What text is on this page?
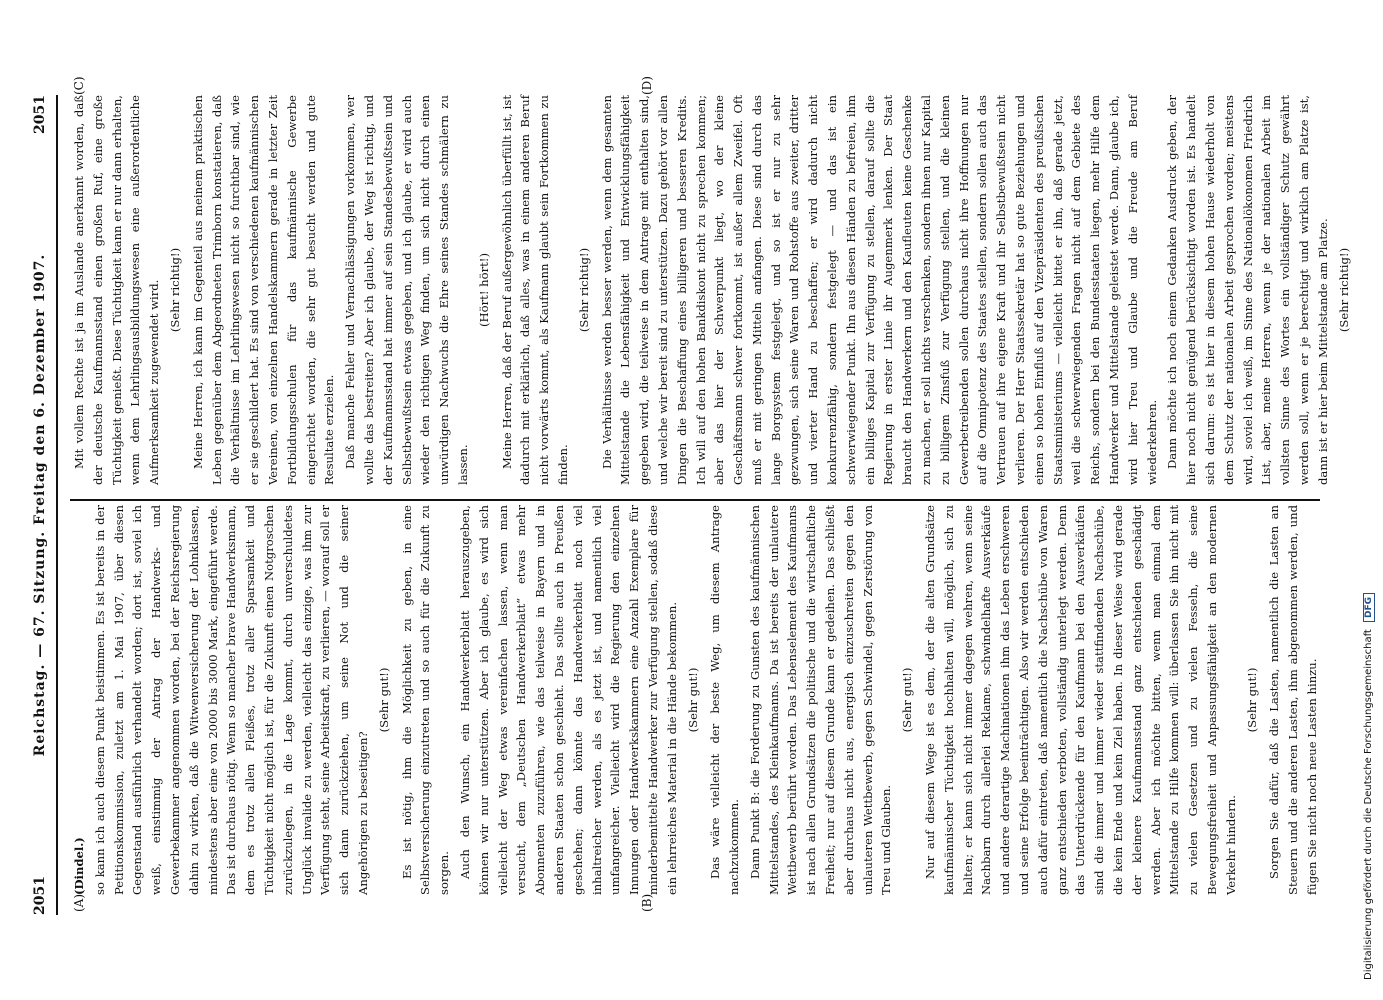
2051
Reichstag. — 67. Sitzung. Freitag den 6. Dezember 1907.
2051
(A)	(B)
(C)	(D)

(Dindel.) so kann ich auch diesem Punkt beistimmen. Es ist bereits in der Petitionskommission, zuletzt am 1. Mai 1907, über diesen Gegenstand ausführlich verhandelt worden; dort ist, soviel ich weiß, einstimmig der Antrag der Handwerks- und Gewerbekammer angenommen worden, bei der Reichsregierung dahin zu wirken, daß die Witwenversicherung der Lohnklassen, mindestens aber eine von 2000 bis 3000 Mark, eingeführt werde. Das ist durchaus nötig. Wenn so mancher brave Handwerksmann, dem es trotz allen Fleißes, trotz aller Sparsamkeit und Tüchtigkeit nicht möglich ist, für die Zukunft einen Notgroschen zurückzulegen, in die Lage kommt, durch unverschuldetes Unglück invalide zu werden, vielleicht das einzige, was ihm zur Verfügung steht, seine Arbeitskraft, zu verlieren, — worauf soll er sich dann zurückziehen, um seine Not und die seiner Angehörigen zu beseitigen?

(Sehr gut!) Es ist nötig, ihm die Möglichkeit zu geben, in eine Selbstversicherung einzutreten und so auch für die Zukunft zu sorgen. Auch den Wunsch, ein Handwerkerblatt herauszugeben, können wir nur unterstützen. Aber ich glaube, es wird sich vielleicht der Weg etwas vereinfachen lassen, wenn man versucht, dem „Deutschen Handwerkerblatt“ etwas mehr Abonnenten zuzuführen, wie das teilweise in Bayern und in anderen Staaten schon geschieht. Das sollte auch in Preußen geschehen; dann könnte das Handwerkerblatt noch viel inhaltreicher werden, als es jetzt ist, und namentlich viel umfangreicher. Vielleicht wird die Regierung den einzelnen Innungen oder Handwerkskammern eine Anzahl Exemplare für minderbemittelte Handwerker zur Verfügung stellen, sodaß diese ein lehrreiches Material in die Hände bekommen. (Sehr gut!) Das wäre vielleicht der beste Weg, um diesem Antrage nachzukommen. Dann Punkt B: die Forderung zu Gunsten des kaufmännischen Mittelstandes, des Kleinkaufmanns. Da ist bereits der unlautere Wettbewerb berührt worden. Das Lebenselement des Kaufmanns ist nach allen Grundsätzen die politische und die wirtschaftliche Freiheit; nur auf diesem Grunde kann er gedeihen. Das schließt aber durchaus nicht aus, energisch einzuschreiten gegen den unlauteren Wettbewerb, gegen Schwindel, gegen Zerstörung von Treu und Glauben.

(Sehr gut!) Nur auf diesem Wege ist es dem, der die alten Grundsätze kaufmännischer Tüchtigkeit hochhalten will, möglich, sich zu halten; er kann sich nicht immer dagegen wehren, wenn seine Nachbarn durch allerlei Reklame, schwindelhafte Ausverkäufe und andere derartige Machinationen ihm das Leben erschweren und seine Erfolge beeinträchtigen. Also wir werden entschieden auch dafür eintreten, daß namentlich die Nachschübe von Waren ganz entschieden verboten, vollständig unterlegt werden. Denn das Unterdrückende für den Kaufmann bei den Ausverkäufen sind die immer und immer wieder stattfindenden Nachschübe, die kein Ende und kein Ziel haben. In dieser Weise wird gerade der kleinere Kaufmannsstand ganz entschieden geschädigt werden. Aber ich möchte bitten, wenn man einmal dem Mittelstande zu Hilfe kommen will: überlassen Sie ihn nicht mit zu vielen Gesetzen und zu vielen Fesseln, die seine Bewegungsfreiheit und Anpassungsfähigkeit an den modernen Verkehr hindern.

(Sehr gut!) Sorgen Sie dafür, daß die Lasten, namentlich die Lasten an Steuern und die anderen Lasten, ihm abgenommen werden, und fügen Sie nicht noch neue Lasten hinzu.

Mit vollem Rechte ist ja im Auslande anerkannt worden, daß der deutsche Kaufmannsstand einen großen Ruf, eine große Tüchtigkeit genießt. Diese Tüchtigkeit kann er nur dann erhalten, wenn dem Lehrlingsausbildungswesen eine außerordentliche Aufmerksamkeit zugewendet wird. (Sehr richtig!) Meine Herren, ich kann im Gegenteil aus meinem praktischen Leben gegenüber dem Abgeordneten Trimborn konstatieren, daß die Verhältnisse im Lehrlingswesen nicht so furchtbar sind, wie er sie geschildert hat. Es sind von verschiedenen kaufmännischen Vereinen, von einzelnen Handelskammern gerade in letzter Zeit Fortbildungsschulen für das kaufmännische Gewerbe eingerichtet worden, die sehr gut besucht werden und gute Resultate erzielen. Daß manche Fehler und Vernachlässigungen vorkommen, wer wollte das bestreiten? Aber ich glaube, der Weg ist richtig, und der Kaufmannsstand hat immer auf sein Standesbewußtsein und Selbstbewußtsein etwas gegeben, und ich glaube, er wird auch wieder den richtigen Weg finden, um sich nicht durch einen unwürdigen Nachwuchs die Ehre seines Standes schmälern zu lassen.

(Hört! hört!) Meine Herren, daß der Beruf außergewöhnlich überfüllt ist, ist dadurch mit erklärlich, daß alles, was in einem anderen Beruf nicht vorwärts kommt, als Kaufmann glaubt sein Fortkommen zu finden.

(Sehr richtig!) Die Verhältnisse werden besser werden, wenn dem gesamten Mittelstande die Lebensfähigkeit und Entwicklungsfähigkeit gegeben wird, die teilweise in dem Antrage mit enthalten sind, und welche wir bereit sind zu unterstützen. Dazu gehört vor allen Dingen die Beschaffung eines billigeren und besseren Kredits. Ich will auf den hohen Bankdiskont nicht zu sprechen kommen; aber das hier der Schwerpunkt liegt, wo der kleine Geschäftsmann schwer fortkommt, ist außer allem Zweifel. Oft muß er mit geringen Mitteln anfangen. Diese sind durch das lange Borgsystem festgelegt, und so ist er nur zu sehr gezwungen, sich seine Waren und Rohstoffe aus zweiter, dritter und vierter Hand zu beschaffen; er wird dadurch nicht konkurrenzfähig, sondern festgelegt — und das ist ein schwerwiegender Punkt. Ihn aus diesen Händen zu befreien, ihm ein billiges Kapital zur Verfügung zu stellen, darauf sollte die Regierung in erster Linie ihr Augenmerk lenken. Der Staat braucht den Handwerkern und den Kaufleuten keine Geschenke zu machen, er soll nichts verschenken, sondern ihnen nur Kapital zu billigem Zinsfuß zur Verfügung stellen, und die kleinen Gewerbetreibenden sollen durchaus nicht ihre Hoffnungen nur auf die Omnipotenz des Staates stellen, sondern sollen auch das Vertrauen auf ihre eigene Kraft und ihr Selbstbewußtsein nicht verlieren. Der Herr Staatssekretär hat so gute Beziehungen und einen so hohen Einfluß auf den Vizepräsidenten des preußischen Staatsministeriums — vielleicht bittet er ihn, daß gerade jetzt, weil die schwerwiegenden Fragen nicht auf dem Gebiete des Reichs, sondern bei den Bundesstaaten liegen, mehr Hilfe dem Handwerker und Mittelstande geleistet werde. Dann, glaube ich, wird hier Treu und Glaube und die Freude am Beruf wiederkehren. Dann möchte ich noch einem Gedanken Ausdruck geben, der hier noch nicht genügend berücksichtigt worden ist. Es handelt sich darum: es ist hier in diesem hohen Hause wiederholt von dem Schutz der nationalen Arbeit gesprochen worden; meistens wird, soviel ich weiß, im Sinne des Nationalökonomen Friedrich List, aber, meine Herren, wenn je der nationalen Arbeit im vollsten Sinne des Wortes ein vollständiger Schutz gewährt werden soll, wenn er je berechtigt und wirklich am Platze ist, dann ist er hier beim Mittelstande am Platze. (Sehr richtig!)

Digitalisierung gefördert durch die Deutsche Forschungsgemeinschaft DFG
